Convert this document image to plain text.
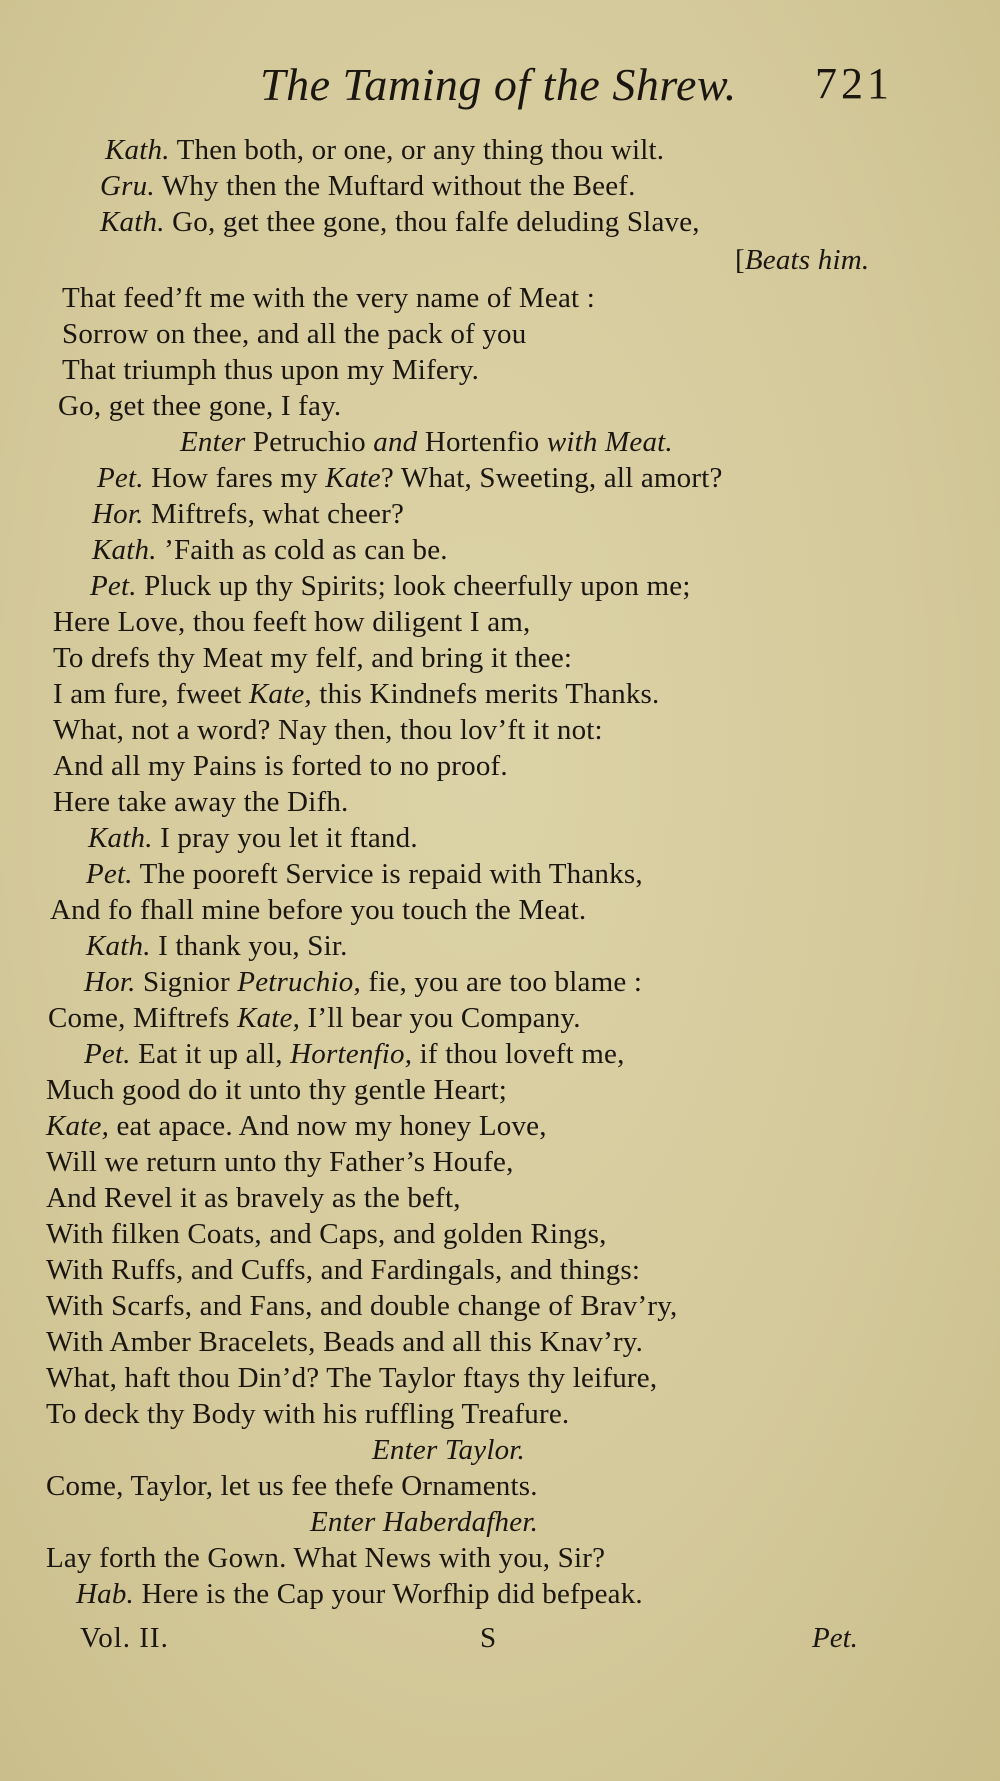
The Taming of the Shrew. 721
Kath. Then both, or one, or any thing thou wilt.
Gru. Why then the Muftard without the Beef.
Kath. Go, get thee gone, thou falfe deluding Slave,
[Beats him.
That feed’ft me with the very name of Meat :
Sorrow on thee, and all the pack of you
That triumph thus upon my Mifery.
Go, get thee gone, I fay.
Enter Petruchio and Hortenfio with Meat.
Pet. How fares my Kate? What, Sweeting, all amort?
Hor. Miftrefs, what cheer?
Kath. ’Faith as cold as can be.
Pet. Pluck up thy Spirits; look cheerfully upon me;
Here Love, thou feeft how diligent I am,
To drefs thy Meat my felf, and bring it thee:
I am fure, fweet Kate, this Kindnefs merits Thanks.
What, not a word? Nay then, thou lov’ft it not:
And all my Pains is forted to no proof.
Here take away the Difh.
Kath. I pray you let it ftand.
Pet. The pooreft Service is repaid with Thanks,
And fo fhall mine before you touch the Meat.
Kath. I thank you, Sir.
Hor. Signior Petruchio, fie, you are too blame :
Come, Miftrefs Kate, I’ll bear you Company.
Pet. Eat it up all, Hortenfio, if thou loveft me,
Much good do it unto thy gentle Heart;
Kate, eat apace. And now my honey Love,
Will we return unto thy Father’s Houfe,
And Revel it as bravely as the beft,
With filken Coats, and Caps, and golden Rings,
With Ruffs, and Cuffs, and Fardingals, and things:
With Scarfs, and Fans, and double change of Brav’ry,
With Amber Bracelets, Beads and all this Knav’ry.
What, haft thou Din’d? The Taylor ftays thy leifure,
To deck thy Body with his ruffling Treafure.
Enter Taylor.
Come, Taylor, let us fee thefe Ornaments.
Enter Haberdafher.
Lay forth the Gown. What News with you, Sir?
Hab. Here is the Cap your Worfhip did befpeak.
Vol. II.	S	Pet.
